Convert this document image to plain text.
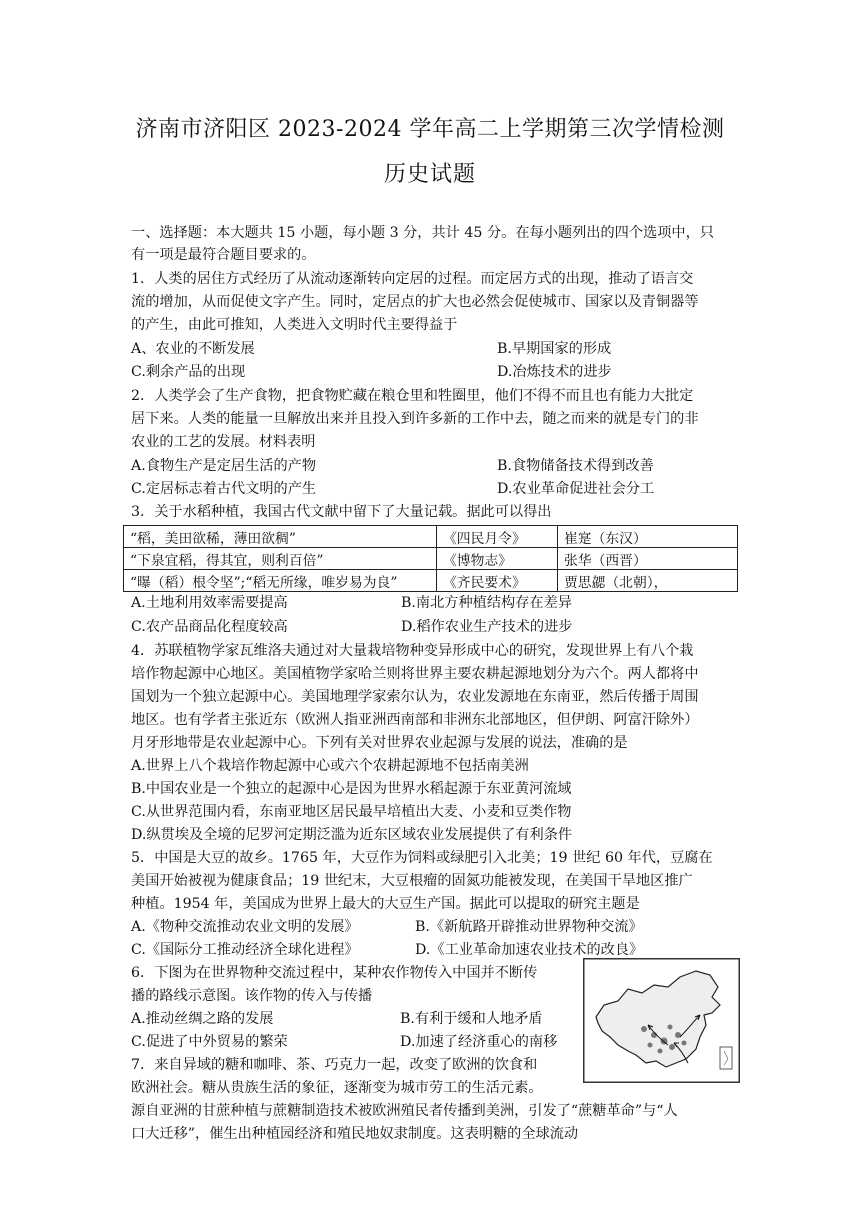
济南市济阳区 2023-2024 学年高二上学期第三次学情检测
历史试题
一、选择题：本大题共 15 小题，每小题 3 分，共计 45 分。在每小题列出的四个选项中，只
有一项是最符合题目要求的。
1．人类的居住方式经历了从流动逐渐转向定居的过程。而定居方式的出现，推动了语言交
流的增加，从而促使文字产生。同时，定居点的扩大也必然会促使城市、国家以及青铜器等
的产生，由此可推知，人类进入文明时代主要得益于
A、农业的不断发展	B.早期国家的形成
C.剩余产品的出现	D.冶炼技术的进步
2．人类学会了生产食物，把食物贮藏在粮仓里和牲圈里，他们不得不而且也有能力大批定
居下来。人类的能量一旦解放出来并且投入到许多新的工作中去，随之而来的就是专门的非
农业的工艺的发展。材料表明
A.食物生产是定居生活的产物	B.食物储备技术得到改善
C.定居标志着古代文明的产生	D.农业革命促进社会分工
3．关于水稻种植，我国古代文献中留下了大量记载。据此可以得出
“稻，美田欲稀，薄田欲稠”	《四民月令》	崔寔（东汉）
“下泉宜稻，得其宜，则利百倍”	《博物志》	张华（西晋）
“曝（稻）根令坚”;“稻无所缘，唯岁易为良”	《齐民要术》	贾思勰（北朝），
A.土地利用效率需要提高	B.南北方种植结构存在差异
C.农产品商品化程度较高	D.稻作农业生产技术的进步
4．苏联植物学家瓦维洛夫通过对大量栽培物种变异形成中心的研究，发现世界上有八个栽
培作物起源中心地区。美国植物学家哈兰则将世界主要农耕起源地划分为六个。两人都将中
国划为一个独立起源中心。美国地理学家索尔认为，农业发源地在东南亚，然后传播于周围
地区。也有学者主张近东（欧洲人指亚洲西南部和非洲东北部地区，但伊朗、阿富汗除外）
月牙形地带是农业起源中心。下列有关对世界农业起源与发展的说法，准确的是
A.世界上八个栽培作物起源中心或六个农耕起源地不包括南美洲
B.中国农业是一个独立的起源中心是因为世界水稻起源于东亚黄河流域
C.从世界范围内看，东南亚地区居民最早培植出大麦、小麦和豆类作物
D.纵贯埃及全境的尼罗河定期泛滥为近东区域农业发展提供了有利条件
5．中国是大豆的故乡。1765 年，大豆作为饲料或绿肥引入北美；19 世纪 60 年代，豆腐在
美国开始被视为健康食品；19 世纪末，大豆根瘤的固氮功能被发现，在美国干旱地区推广
种植。1954 年，美国成为世界上最大的大豆生产国。据此可以提取的研究主题是
A.《物种交流推动农业文明的发展》	B.《新航路开辟推动世界物种交流》
C.《国际分工推动经济全球化进程》	D.《工业革命加速农业技术的改良》
6．下图为在世界物种交流过程中，某种农作物传入中国并不断传
播的路线示意图。该作物的传入与传播
A.推动丝绸之路的发展	B.有利于缓和人地矛盾
C.促进了中外贸易的繁荣	D.加速了经济重心的南移
7．来自异域的糖和咖啡、茶、巧克力一起，改变了欧洲的饮食和
欧洲社会。糖从贵族生活的象征，逐渐变为城市劳工的生活元素。
源自亚洲的甘蔗种植与蔗糖制造技术被欧洲殖民者传播到美洲，引发了“蔗糖革命”与“人
口大迁移”，催生出种植园经济和殖民地奴隶制度。这表明糖的全球流动
